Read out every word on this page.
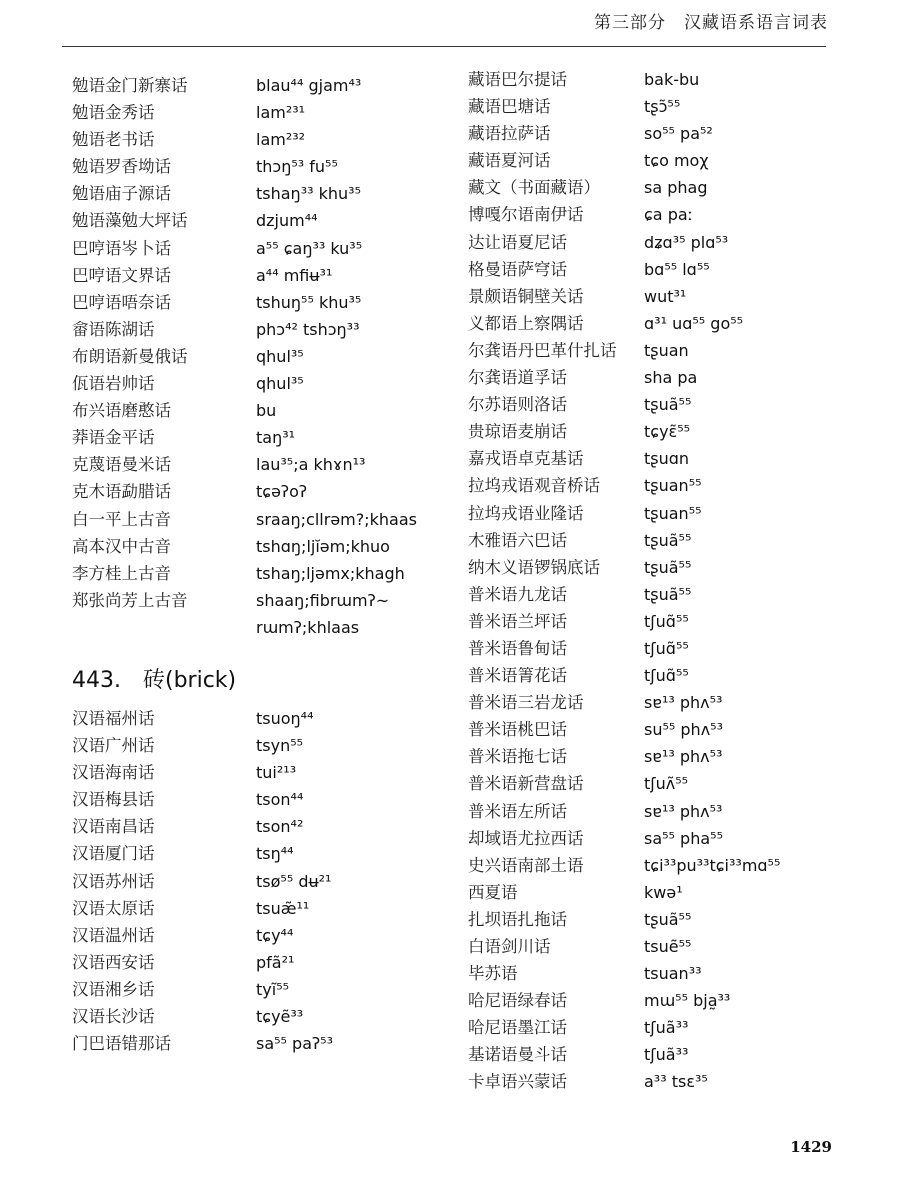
第三部分　汉藏语系语言词表
勉语金门新寨话	blau⁴⁴ gjam⁴³
勉语金秀话	lam²³¹
勉语老书话	lam²³²
勉语罗香坳话	thɔŋ⁵³ fu⁵⁵
勉语庙子源话	tshaŋ³³ khu³⁵
勉语藻勉大坪话	dzjum⁴⁴
巴哼语岑卜话	a⁵⁵ ɕaŋ³³ ku³⁵
巴哼语文界话	a⁴⁴ mfiʉ³¹
巴哼语唔奈话	tshuŋ⁵⁵ khu³⁵
畲语陈湖话	phɔ⁴² tshɔŋ³³
布朗语新曼俄话	qhul³⁵
佤语岩帅话	qhul³⁵
布兴语磨憨话	bu
莽语金平话	taŋ³¹
克蔑语曼米话	lau³⁵;a khɤn¹³
克木语勐腊话	tɕəʔoʔ
白一平上古音	sraaŋ;cllrəm?;khaas
高本汉中古音	tshɑŋ;ljĭəm;khuo
李方桂上古音	tshaŋ;ljəmx;khagh
郑张尚芳上古音	shaaŋ;fibrɯmʔ~
rɯmʔ;khlaas
443.  砖(brick)
汉语福州话	tsuoŋ⁴⁴
汉语广州话	tsyn⁵⁵
汉语海南话	tui²¹³
汉语梅县话	tson⁴⁴
汉语南昌话	tson⁴²
汉语厦门话	tsŋ⁴⁴
汉语苏州话	tsø⁵⁵ dʉ²¹
汉语太原话	tsuæ̃¹¹
汉语温州话	tɕy⁴⁴
汉语西安话	pfã²¹
汉语湘乡话	tyĩ⁵⁵
汉语长沙话	tɕyẽ³³
门巴语错那话	sa⁵⁵ paʔ⁵³
藏语巴尔提话	bak-bu
藏语巴塘话	tʂɔ̃⁵⁵
藏语拉萨话	so⁵⁵ pa⁵²
藏语夏河话	tɕo moχ
藏文（书面藏语）	sa phag
博嘎尔语南伊话	ɕa paː
达让语夏尼话	dʑɑ³⁵ plɑ⁵³
格曼语萨穹话	bɑ⁵⁵ lɑ⁵⁵
景颇语铜壁关话	wut³¹
义都语上察隅话	ɑ³¹ uɑ⁵⁵ go⁵⁵
尔龚语丹巴革什扎话	tʂuan
尔龚语道孚话	sha pa
尔苏语则洛话	tʂuã⁵⁵
贵琼语麦崩话	tɕyɛ̃⁵⁵
嘉戎语卓克基话	tʂuɑn
拉坞戎语观音桥话	tʂuan⁵⁵
拉坞戎语业隆话	tʂuan⁵⁵
木雅语六巴话	tʂuã⁵⁵
纳木义语锣锅底话	tʂuã⁵⁵
普米语九龙话	tʂuã⁵⁵
普米语兰坪话	tʃuɑ̃⁵⁵
普米语鲁甸话	tʃuɑ̃⁵⁵
普米语箐花话	tʃuɑ̃⁵⁵
普米语三岩龙话	sɐ¹³ phʌ⁵³
普米语桃巴话	su⁵⁵ phʌ⁵³
普米语拖七话	sɐ¹³ phʌ⁵³
普米语新营盘话	tʃuʌ̃⁵⁵
普米语左所话	sɐ¹³ phʌ⁵³
却域语尤拉西话	sa⁵⁵ pha⁵⁵
史兴语南部土语	tɕi³³pu³³tɕi³³mɑ⁵⁵
西夏语	kwə¹
扎坝语扎拖话	tʂuã⁵⁵
白语剑川话	tsuẽ⁵⁵
毕苏语	tsuan³³
哈尼语绿春话	mɯ⁵⁵ bja̰³³
哈尼语墨江话	tʃuã³³
基诺语曼斗话	tʃuã³³
卡卓语兴蒙话	a³³ tsɛ³⁵
1429
